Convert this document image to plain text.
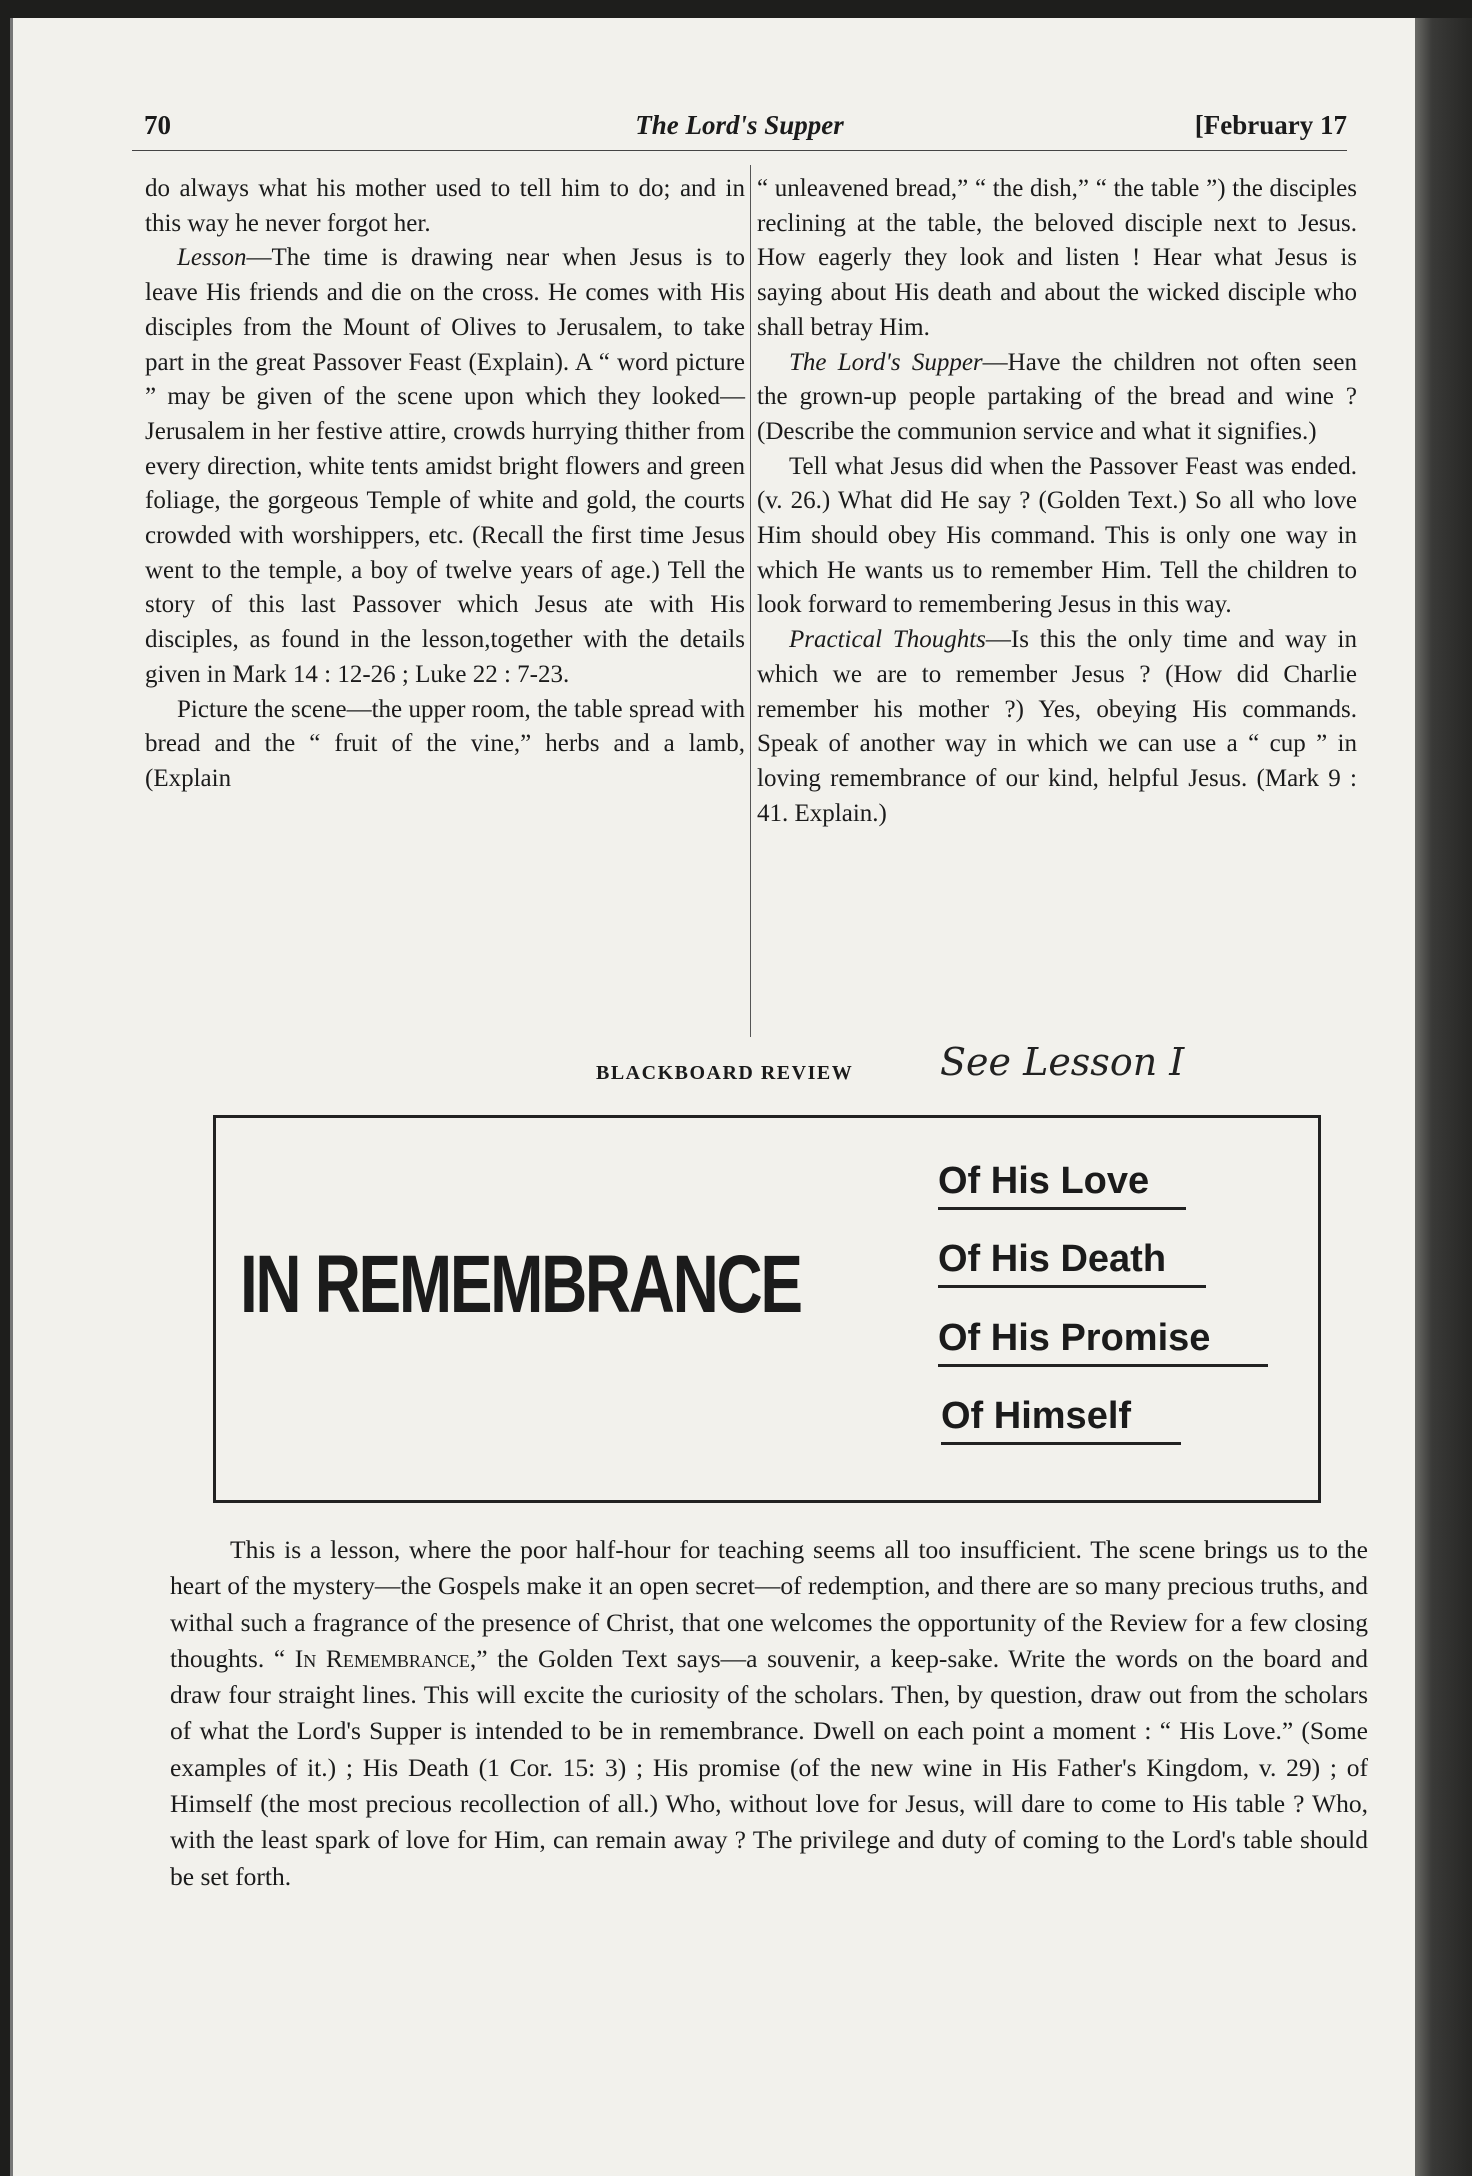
The Lord's Supper
70	[February 17

do always what his mother used to tell him to do; and in this way he never forgot her.

Lesson—The time is drawing near when Jesus is to leave His friends and die on the cross. He comes with His disciples from the Mount of Olives to Jerusalem, to take part in the great Passover Feast (Explain). A “ word picture ” may be given of the scene upon which they looked—Jerusalem in her festive attire, crowds hurrying thither from every direction, white tents amidst bright flowers and green foliage, the gorgeous Temple of white and gold, the courts crowded with worshippers, etc. (Recall the first time Jesus went to the temple, a boy of twelve years of age.) Tell the story of this last Passover which Jesus ate with His disciples, as found in the lesson,together with the details given in Mark 14 : 12-26 ; Luke 22 : 7-23.

Picture the scene—the upper room, the table spread with bread and the “ fruit of the vine,” herbs and a lamb, (Explain

“ unleavened bread,” “ the dish,” “ the table ”) the disciples reclining at the table, the beloved disciple next to Jesus. How eagerly they look and listen ! Hear what Jesus is saying about His death and about the wicked disciple who shall betray Him.

The Lord's Supper—Have the children not often seen the grown-up people partaking of the bread and wine ? (Describe the communion service and what it signifies.)

Tell what Jesus did when the Passover Feast was ended. (v. 26.) What did He say ? (Golden Text.) So all who love Him should obey His command. This is only one way in which He wants us to remember Him. Tell the children to look forward to remembering Jesus in this way.

Practical Thoughts—Is this the only time and way in which we are to remember Jesus ? (How did Charlie remember his mother ?) Yes, obeying His commands. Speak of another way in which we can use a “ cup ” in loving remembrance of our kind, helpful Jesus. (Mark 9 : 41. Explain.)

BLACKBOARD REVIEW See Lesson I
IN REMEMBRANCE
Of His Love
Of His Death
Of His Promise
Of Himself

This is a lesson, where the poor half-hour for teaching seems all too insufficient. The scene brings us to the heart of the mystery—the Gospels make it an open secret—of redemption, and there are so many precious truths, and withal such a fragrance of the presence of Christ, that one welcomes the opportunity of the Review for a few closing thoughts. “ In Remembrance,” the Golden Text says—a souvenir, a keep-sake. Write the words on the board and draw four straight lines. This will excite the curiosity of the scholars. Then, by question, draw out from the scholars of what the Lord's Supper is intended to be in remembrance. Dwell on each point a moment : “ His Love.” (Some examples of it.) ; His Death (1 Cor. 15: 3) ; His promise (of the new wine in His Father's Kingdom, v. 29) ; of Himself (the most precious recollection of all.) Who, without love for Jesus, will dare to come to His table ? Who, with the least spark of love for Him, can remain away ? The privilege and duty of coming to the Lord's table should be set forth.
